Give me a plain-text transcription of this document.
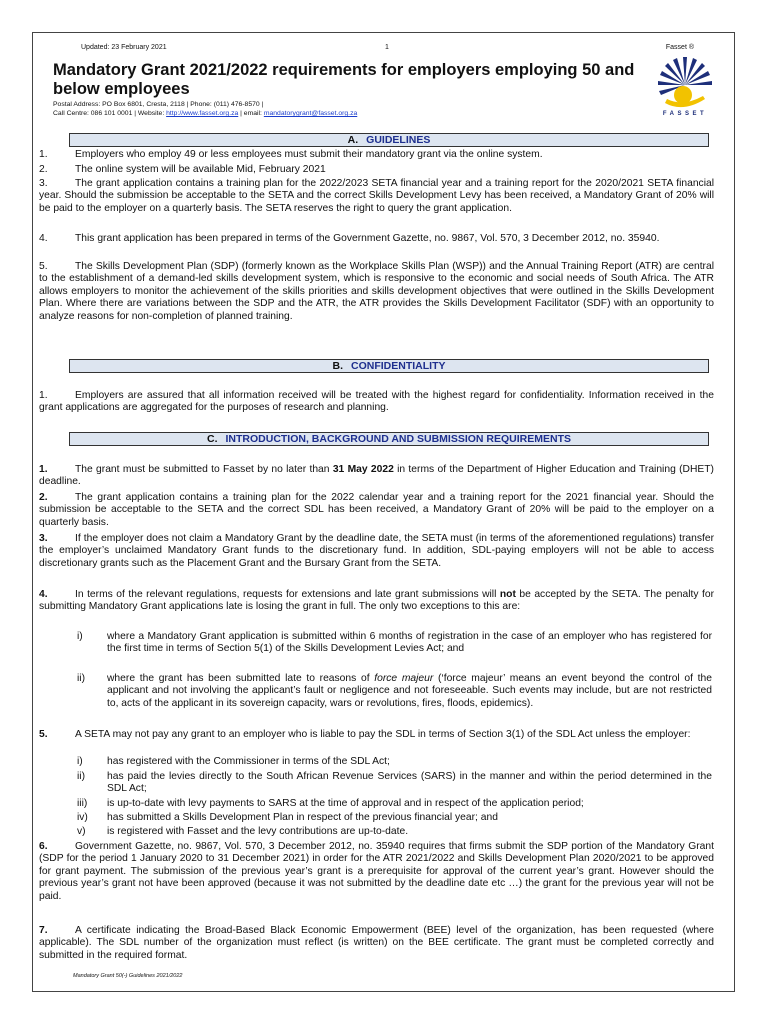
Updated: 23 February 2021	1	Fasset ®
Mandatory Grant 2021/2022 requirements for employers employing 50 and below employees
Postal Address: PO Box 6801, Cresta, 2118 | Phone: (011) 476-8570 |
Call Centre: 086 101 0001 | Website: http://www.fasset.org.za | email: mandatorygrant@fasset.org.za	FASSET
A. GUIDELINES
1.	Employers who employ 49 or less employees must submit their mandatory grant via the online system.
2.	The online system will be available Mid, February 2021
3.	The grant application contains a training plan for the 2022/2023 SETA financial year and a training report for the 2020/2021 SETA financial year. Should the submission be acceptable to the SETA and the correct Skills Development Levy has been received, a Mandatory Grant of 20% will be paid to the employer on a quarterly basis. The SETA reserves the right to query the grant application.
4.	This grant application has been prepared in terms of the Government Gazette, no. 9867, Vol. 570, 3 December 2012, no. 35940.
5.	The Skills Development Plan (SDP) (formerly known as the Workplace Skills Plan (WSP)) and the Annual Training Report (ATR) are central to the establishment of a demand-led skills development system, which is responsive to the economic and social needs of South Africa. The ATR allows employers to monitor the achievement of the skills priorities and skills development objectives that were outlined in the Skills Development Plan. Where there are variations between the SDP and the ATR, the ATR provides the Skills Development Facilitator (SDF) with an opportunity to analyze reasons for non-completion of planned training.
B. CONFIDENTIALITY
1.	Employers are assured that all information received will be treated with the highest regard for confidentiality. Information received in the grant applications are aggregated for the purposes of research and planning.
C. INTRODUCTION, BACKGROUND AND SUBMISSION REQUIREMENTS
1.	The grant must be submitted to Fasset by no later than 31 May 2022 in terms of the Department of Higher Education and Training (DHET) deadline.
2.	The grant application contains a training plan for the 2022 calendar year and a training report for the 2021 financial year. Should the submission be acceptable to the SETA and the correct SDL has been received, a Mandatory Grant of 20% will be paid to the employer on a quarterly basis.
3.	If the employer does not claim a Mandatory Grant by the deadline date, the SETA must (in terms of the aforementioned regulations) transfer the employer’s unclaimed Mandatory Grant funds to the discretionary fund. In addition, SDL-paying employers will not be able to access discretionary grants such as the Placement Grant and the Bursary Grant from the SETA.
4.	In terms of the relevant regulations, requests for extensions and late grant submissions will not be accepted by the SETA. The penalty for submitting Mandatory Grant applications late is losing the grant in full. The only two exceptions to this are:
i) where a Mandatory Grant application is submitted within 6 months of registration in the case of an employer who has registered for the first time in terms of Section 5(1) of the Skills Development Levies Act; and
ii) where the grant has been submitted late to reasons of force majeur (‘force majeur’ means an event beyond the control of the applicant and not involving the applicant’s fault or negligence and not foreseeable. Such events may include, but are not restricted to, acts of the applicant in its sovereign capacity, wars or revolutions, fires, floods, epidemics).
5.	A SETA may not pay any grant to an employer who is liable to pay the SDL in terms of Section 3(1) of the SDL Act unless the employer:
i) has registered with the Commissioner in terms of the SDL Act;
ii) has paid the levies directly to the South African Revenue Services (SARS) in the manner and within the period determined in the SDL Act;
iii) is up-to-date with levy payments to SARS at the time of approval and in respect of the application period;
iv) has submitted a Skills Development Plan in respect of the previous financial year; and
v) is registered with Fasset and the levy contributions are up-to-date.
6.	Government Gazette, no. 9867, Vol. 570, 3 December 2012, no. 35940 requires that firms submit the SDP portion of the Mandatory Grant (SDP for the period 1 January 2020 to 31 December 2021) in order for the ATR 2021/2022 and Skills Development Plan 2020/2021 to be approved for grant payment. The submission of the previous year’s grant is a prerequisite for approval of the current year’s grant. However should the previous year’s grant not have been approved (because it was not submitted by the deadline date etc …) the grant for the previous year will not be paid.
7.	A certificate indicating the Broad-Based Black Economic Empowerment (BEE) level of the organization, has been requested (where applicable). The SDL number of the organization must reflect (is written) on the BEE certificate. The grant must be completed correctly and submitted in the required format.
Mandatory Grant 50(-) Guidelines 2021/2022
